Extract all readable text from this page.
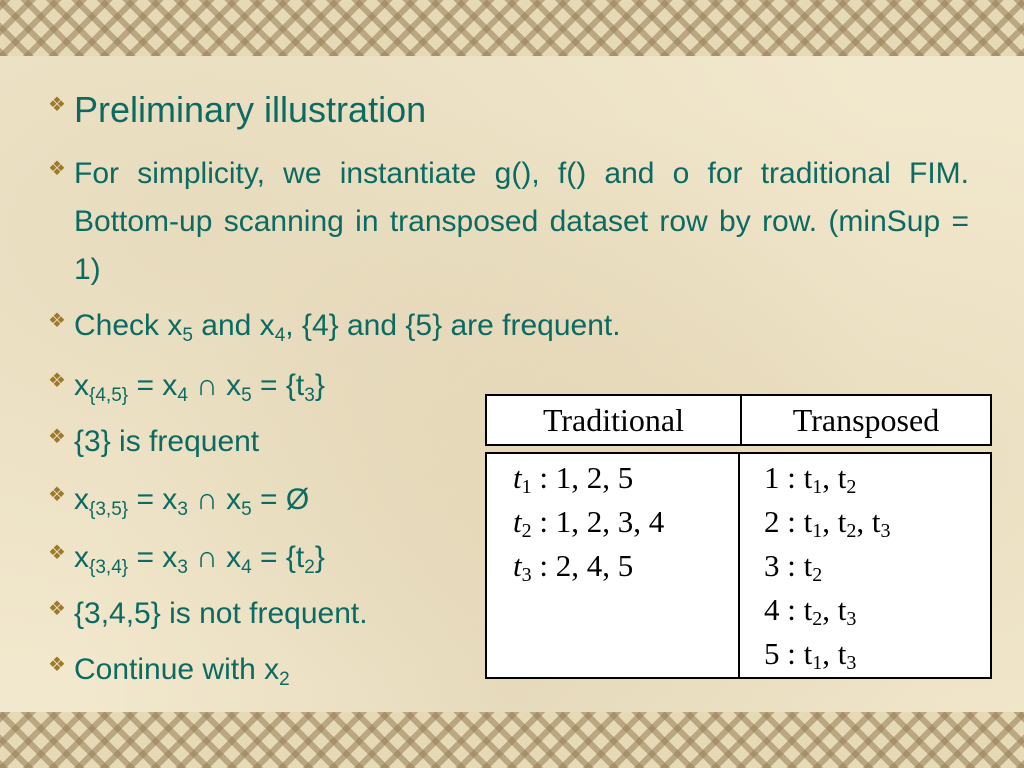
❖ Preliminary illustration
❖ For simplicity, we instantiate g(), f() and o for traditional FIM. Bottom-up scanning in transposed dataset row by row. (minSup = 1)
❖ Check $x_5$ and $x_4$, {4} and {5} are frequent.
❖ $x_{\{4,5\}} = x_4$ ∩ $x_5 = \{t_3\}$
❖ {3} is frequent
❖ $x_{\{3,5\}} = x_3$ ∩ $x_5$ = Ø
❖ $x_{\{3,4\}} = x_3$ ∩ $x_4 = \{t_2\}$
❖ {3,4,5} is not frequent.
❖ Continue with $x_2$
Traditional	Transposed
$t_1$ : 1, 2, 5
$t_2$ : 1, 2, 3, 4
$t_3$ : 2, 4, 5
1 : $t_1$, $t_2$
2 : $t_1$, $t_2$, $t_3$
3 : $t_2$
4 : $t_2$, $t_3$
5 : $t_1$, $t_3$
